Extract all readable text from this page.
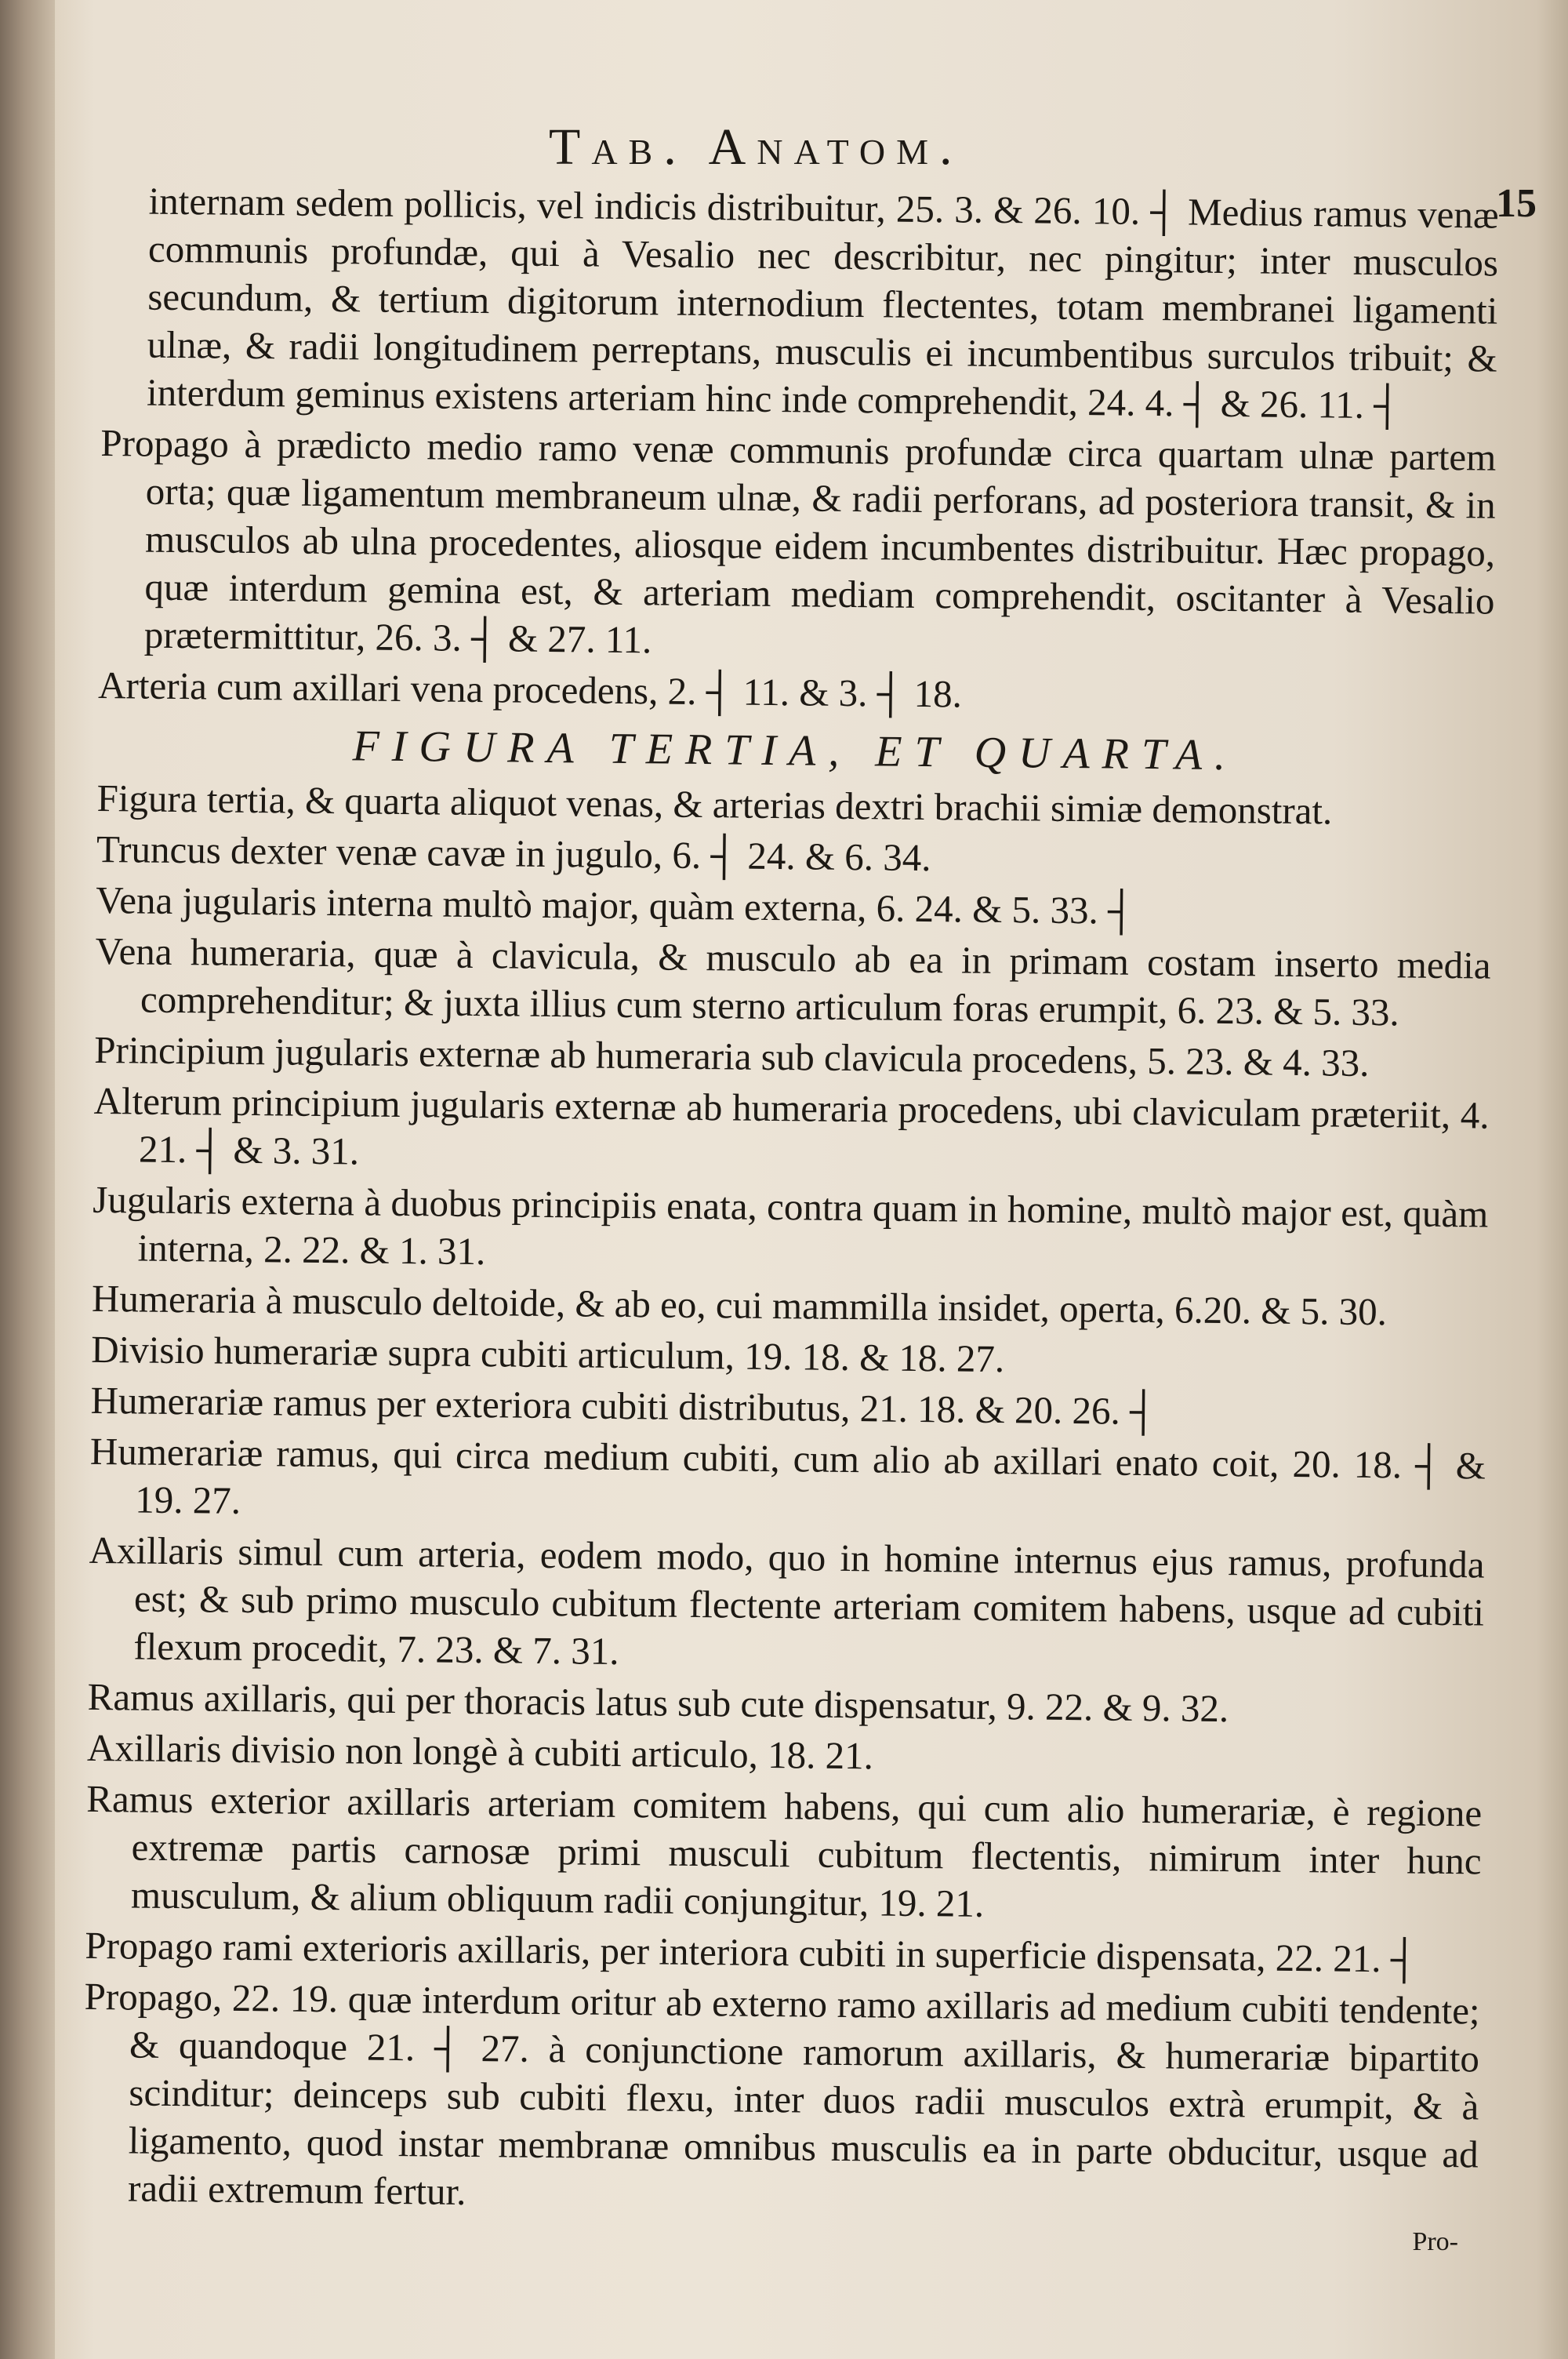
Tab. Anatom.
15

internam sedem pollicis, vel indicis distribuitur, 25. 3. & 26. 10. ┤ Medius ramus venæ communis profundæ, qui à Vesalio nec describitur, nec pingitur; inter musculos secundum, & tertium digitorum internodium flectentes, totam membranei ligamenti ulnæ, & radii longitudinem perreptans, musculis ei incumbentibus surculos tribuit; & interdum geminus existens arteriam hinc inde comprehendit, 24. 4. ┤ & 26. 11. ┤

Propago à prædicto medio ramo venæ communis profundæ circa quartam ulnæ partem orta; quæ ligamentum membraneum ulnæ, & radii perforans, ad posteriora transit, & in musculos ab ulna procedentes, aliosque eidem incumbentes distribuitur. Hæc propago, quæ interdum gemina est, & arteriam mediam comprehendit, oscitanter à Vesalio prætermittitur, 26. 3. ┤ & 27. 11.

Arteria cum axillari vena procedens, 2. ┤ 11. & 3. ┤ 18.

FIGURA TERTIA, ET QUARTA.

Figura tertia, & quarta aliquot venas, & arterias dextri brachii simiæ demonstrat.

Truncus dexter venæ cavæ in jugulo, 6. ┤ 24. & 6. 34.

Vena jugularis interna multò major, quàm externa, 6. 24. & 5. 33. ┤

Vena humeraria, quæ à clavicula, & musculo ab ea in primam costam inserto media comprehenditur; & juxta illius cum sterno articulum foras erumpit, 6. 23. & 5. 33.

Principium jugularis externæ ab humeraria sub clavicula procedens, 5. 23. & 4. 33.

Alterum principium jugularis externæ ab humeraria procedens, ubi claviculam præteriit, 4. 21. ┤ & 3. 31.

Jugularis externa à duobus principiis enata, contra quam in homine, multò major est, quàm interna, 2. 22. & 1. 31.

Humeraria à musculo deltoide, & ab eo, cui mammilla insidet, operta, 6.20. & 5. 30.

Divisio humerariæ supra cubiti articulum, 19. 18. & 18. 27.

Humerariæ ramus per exteriora cubiti distributus, 21. 18. & 20. 26. ┤

Humerariæ ramus, qui circa medium cubiti, cum alio ab axillari enato coit, 20. 18. ┤ & 19. 27.

Axillaris simul cum arteria, eodem modo, quo in homine internus ejus ramus, profunda est; & sub primo musculo cubitum flectente arteriam comitem habens, usque ad cubiti flexum procedit, 7. 23. & 7. 31.

Ramus axillaris, qui per thoracis latus sub cute dispensatur, 9. 22. & 9. 32.

Axillaris divisio non longè à cubiti articulo, 18. 21.

Ramus exterior axillaris arteriam comitem habens, qui cum alio humerariæ, è regione extremæ partis carnosæ primi musculi cubitum flectentis, nimirum inter hunc musculum, & alium obliquum radii conjungitur, 19. 21.

Propago rami exterioris axillaris, per interiora cubiti in superficie dispensata, 22. 21. ┤

Propago, 22. 19. quæ interdum oritur ab externo ramo axillaris ad medium cubiti tendente; & quandoque 21. ┤ 27. à conjunctione ramorum axillaris, & humerariæ bipartito scinditur; deinceps sub cubiti flexu, inter duos radii musculos extrà erumpit, & à ligamento, quod instar membranæ omnibus musculis ea in parte obducitur, usque ad radii extremum fertur.

Pro-
